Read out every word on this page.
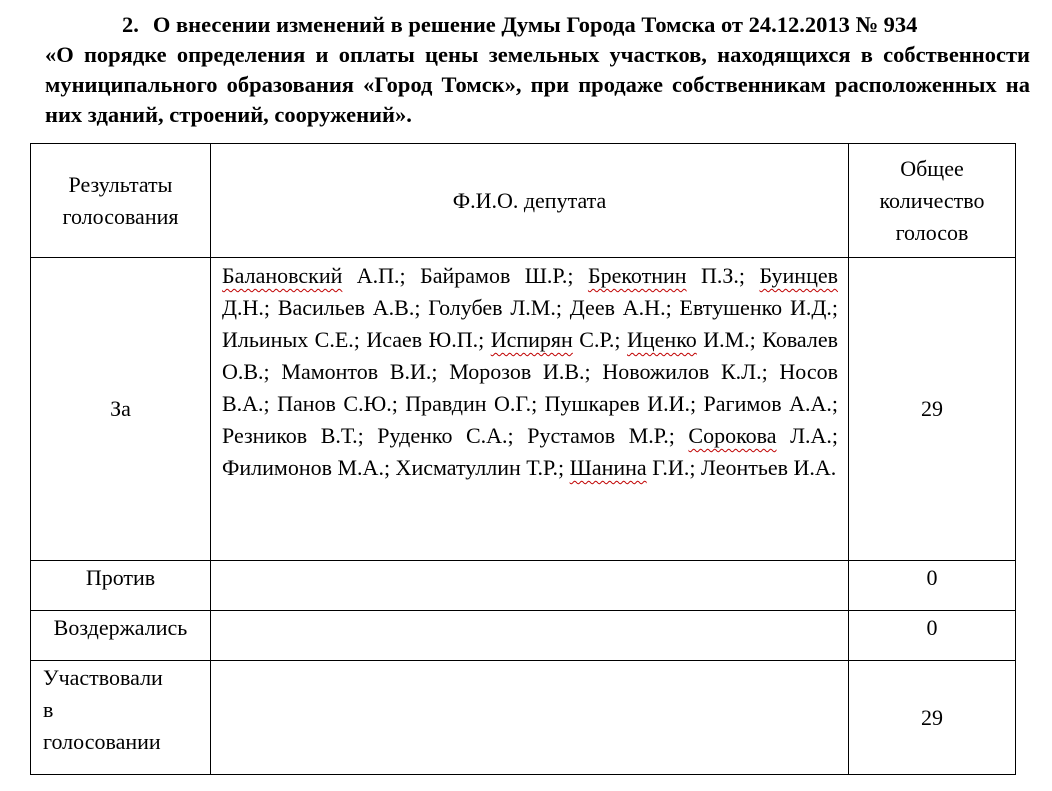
2. О внесении изменений в решение Думы Города Томска от 24.12.2013 № 934
«О порядке определения и оплаты цены земельных участков, находящихся в собственности муниципального образования «Город Томск», при продаже собственникам расположенных на них зданий, строений, сооружений».
Результаты голосования	Ф.И.О. депутата	Общее количество голосов
За	Балановский А.П.; Байрамов Ш.Р.; Брекотнин П.З.; Буинцев Д.Н.; Васильев А.В.; Голубев Л.М.; Деев А.Н.; Евтушенко И.Д.; Ильиных С.Е.; Исаев Ю.П.; Испирян С.Р.; Иценко И.М.; Ковалев О.В.; Мамонтов В.И.; Морозов И.В.; Новожилов К.Л.; Носов В.А.; Панов С.Ю.; Правдин О.Г.; Пушкарев И.И.; Рагимов А.А.; Резников В.Т.; Руденко С.А.; Рустамов М.Р.; Сорокова Л.А.; Филимонов М.А.; Хисматуллин Т.Р.; Шанина Г.И.; Леонтьев И.А.	29
Против		0
Воздержались		0
Участвовали
в
голосовании		29
